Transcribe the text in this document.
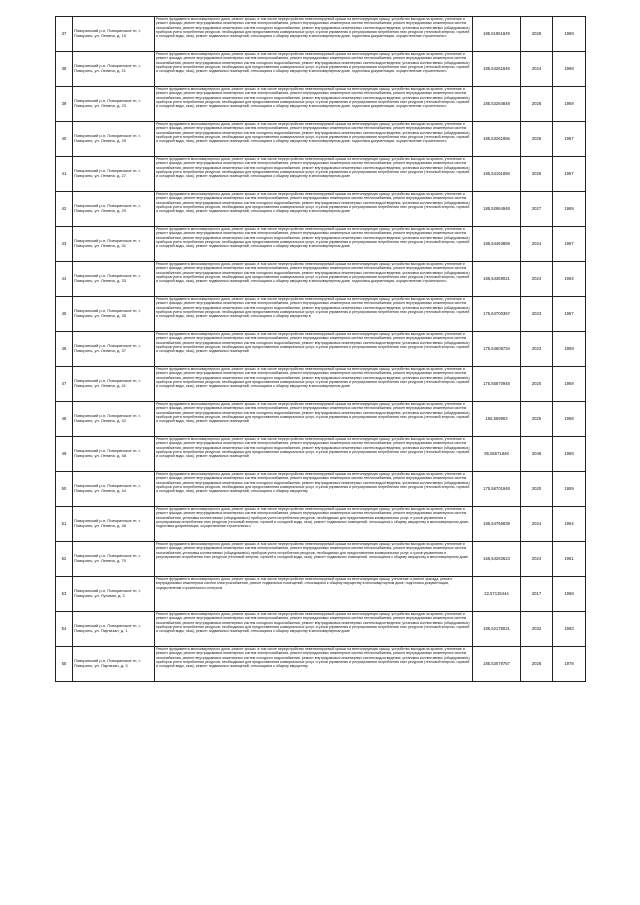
37	Поворинский р-н, Поворинское гп, г. Поворино, ул. Ленина, д. 19	Ремонт фундамента многоквартирного дома, ремонт крыши, в том числе переустройство невентилируемой крыши на вентилируемую крышу, устройство выходов на кровлю, утепление и ремонт фасада, ремонт внутридомовых инженерных систем электроснабжения, ремонт внутридомовых инженерных систем теплоснабжения, ремонт внутридомовых инженерных систем газоснабжения, ремонт внутридомовых инженерных систем холодного водоснабжения, ремонт внутридомовых инженерных систем водоотведения, установка коллективных (общедомовых) приборов учета потребления ресурсов, необходимых для предоставления коммунальных услуг, и узлов управления и регулирования потребления этих ресурсов (тепловой энергии, горячей и холодной воды, газа), ремонт подвальных помещений, относящихся к общему имуществу в многоквартирном доме, подготовка документации, осуществление строительного	185,51951849	2028	1969
38	Поворинский р-н, Поворинское гп, г. Поворино, ул. Ленина, д. 21	Ремонт фундамента многоквартирного дома, ремонт крыши, в том числе переустройство невентилируемой крыши на вентилируемую крышу, устройство выходов на кровлю, утепление и ремонт фасада, ремонт внутридомовых инженерных систем электроснабжения, ремонт внутридомовых инженерных систем теплоснабжения, ремонт внутридомовых инженерных систем газоснабжения, ремонт внутридомовых инженерных систем холодного водоснабжения, ремонт внутридомовых инженерных систем водоотведения, установка коллективных (общедомовых) приборов учета потребления ресурсов, необходимых для предоставления коммунальных услуг, и узлов управления и регулирования потребления этих ресурсов (тепловой энергии, горячей и холодной воды, газа), ремонт подвальных помещений, относящихся к общему имуществу в многоквартирном доме, подготовка документации, осуществление строительного	185,54261848	2024	1969
39	Поворинский р-н, Поворинское гп, г. Поворино, ул. Ленина, д. 23	Ремонт фундамента многоквартирного дома, ремонт крыши, в том числе переустройство невентилируемой крыши на вентилируемую крышу, устройство выходов на кровлю, утепление и ремонт фасада, ремонт внутридомовых инженерных систем электроснабжения, ремонт внутридомовых инженерных систем теплоснабжения, ремонт внутридомовых инженерных систем газоснабжения, ремонт внутридомовых инженерных систем холодного водоснабжения, ремонт внутридомовых инженерных систем водоотведения, установка коллективных (общедомовых) приборов учета потребления ресурсов, необходимых для предоставления коммунальных услуг, и узлов управления и регулирования потребления этих ресурсов (тепловой энергии, горячей и холодной воды, газа), ремонт подвальных помещений, относящихся к общему имуществу в многоквартирном доме, подготовка документации, осуществление строительного	185,53264848	2028	1969
40	Поворинский р-н, Поворинское гп, г. Поворино, ул. Ленина, д. 25	Ремонт фундамента многоквартирного дома, ремонт крыши, в том числе переустройство невентилируемой крыши на вентилируемую крышу, устройство выходов на кровлю, утепление и ремонт фасада, ремонт внутридомовых инженерных систем электроснабжения, ремонт внутридомовых инженерных систем теплоснабжения, ремонт внутридомовых инженерных систем газоснабжения, ремонт внутридомовых инженерных систем холодного водоснабжения, ремонт внутридомовых инженерных систем водоотведения, установка коллективных (общедомовых) приборов учета потребления ресурсов, необходимых для предоставления коммунальных услуг, и узлов управления и регулирования потребления этих ресурсов (тепловой энергии, горячей и холодной воды, газа), ремонт подвальных помещений, относящихся к общему имуществу в многоквартирном доме, подготовка документации, осуществление строительного	185,53261856	2028	1967
41	Поворинский р-н, Поворинское гп, г. Поворино, ул. Ленина, д. 27	Ремонт фундамента многоквартирного дома, ремонт крыши, в том числе переустройство невентилируемой крыши на вентилируемую крышу, устройство выходов на кровлю, утепление и ремонт фасада, ремонт внутридомовых инженерных систем электроснабжения, ремонт внутридомовых инженерных систем теплоснабжения, ремонт внутридомовых инженерных систем газоснабжения, ремонт внутридомовых инженерных систем холодного водоснабжения, ремонт внутридомовых инженерных систем водоотведения, установка коллективных (общедомовых) приборов учета потребления ресурсов, необходимых для предоставления коммунальных услуг, и узлов управления и регулирования потребления этих ресурсов (тепловой энергии, горячей и холодной воды, газа), ремонт подвальных помещений, относящихся к общему имуществу в многоквартирном доме	185,54191856	2026	1967
42	Поворинский р-н, Поворинское гп, г. Поворино, ул. Ленина, д. 29	Ремонт фундамента многоквартирного дома, ремонт крыши, в том числе переустройство невентилируемой крыши на вентилируемую крышу, устройство выходов на кровлю, утепление и ремонт фасада, ремонт внутридомовых инженерных систем электроснабжения, ремонт внутридомовых инженерных систем теплоснабжения, ремонт внутридомовых инженерных систем газоснабжения, ремонт внутридомовых инженерных систем холодного водоснабжения, ремонт внутридомовых инженерных систем водоотведения, установка коллективных (общедомовых) приборов учета потребления ресурсов, необходимых для предоставления коммунальных услуг, и узлов управления и регулирования потребления этих ресурсов (тепловой энергии, горячей и холодной воды, газа), ремонт подвальных помещений, относящихся к общему имуществу в многоквартирном доме	185,52964948	2027	1969
43	Поворинский р-н, Поворинское гп, г. Поворино, ул. Ленина, д. 31	Ремонт фундамента многоквартирного дома, ремонт крыши, в том числе переустройство невентилируемой крыши на вентилируемую крышу, устройство выходов на кровлю, утепление и ремонт фасада, ремонт внутридомовых инженерных систем электроснабжения, ремонт внутридомовых инженерных систем теплоснабжения, ремонт внутридомовых инженерных систем газоснабжения, ремонт внутридомовых инженерных систем холодного водоснабжения, ремонт внутридомовых инженерных систем водоотведения, установка коллективных (общедомовых) приборов учета потребления ресурсов, необходимых для предоставления коммунальных услуг, и узлов управления и регулирования потребления этих ресурсов (тепловой энергии, горячей и холодной воды, газа), ремонт подвальных помещений, относящихся к общему имуществу в многоквартирном доме	185,54463869	2024	1967
44	Поворинский р-н, Поворинское гп, г. Поворино, ул. Ленина, д. 33	Ремонт фундамента многоквартирного дома, ремонт крыши, в том числе переустройство невентилируемой крыши на вентилируемую крышу, устройство выходов на кровлю, утепление и ремонт фасада, ремонт внутридомовых инженерных систем электроснабжения, ремонт внутридомовых инженерных систем теплоснабжения, ремонт внутридомовых инженерных систем газоснабжения, ремонт внутридомовых инженерных систем холодного водоснабжения, ремонт внутридомовых инженерных систем водоотведения, установка коллективных (общедомовых) приборов учета потребления ресурсов, необходимых для предоставления коммунальных услуг, и узлов управления и регулирования потребления этих ресурсов (тепловой энергии, горячей и холодной воды, газа), ремонт подвальных помещений, относящихся к общему имуществу в многоквартирном доме, подготовка документации, осуществление строительного	185,54369021	2024	1964
45	Поворинский р-н, Поворинское гп, г. Поворино, ул. Ленина, д. 35	Ремонт фундамента многоквартирного дома, ремонт крыши, в том числе переустройство невентилируемой крыши на вентилируемую крышу, устройство выходов на кровлю, утепление и ремонт фасада, ремонт внутридомовых инженерных систем электроснабжения, ремонт внутридомовых инженерных систем теплоснабжения, ремонт внутридомовых инженерных систем газоснабжения, ремонт внутридомовых инженерных систем холодного водоснабжения, ремонт внутридомовых инженерных систем водоотведения, установка коллективных (общедомовых) приборов учета потребления ресурсов, необходимых для предоставления коммунальных услуг, и узлов управления и регулирования потребления этих ресурсов (тепловой энергии, горячей и холодной воды, газа), ремонт подвальных помещений, относящихся к общему имуществу в	175,64700367	2023	1967
46	Поворинский р-н, Поворинское гп, г. Поворино, ул. Ленина, д. 37	Ремонт фундамента многоквартирного дома, ремонт крыши, в том числе переустройство невентилируемой крыши на вентилируемую крышу, устройство выходов на кровлю, утепление и ремонт фасада, ремонт внутридомовых инженерных систем электроснабжения, ремонт внутридомовых инженерных систем теплоснабжения, ремонт внутридомовых инженерных систем газоснабжения, ремонт внутридомовых инженерных систем холодного водоснабжения, ремонт внутридомовых инженерных систем водоотведения, установка коллективных (общедомовых) приборов учета потребления ресурсов, необходимых для предоставления коммунальных услуг, и узлов управления и регулирования потребления этих ресурсов (тепловой энергии, горячей и холодной воды, газа), ремонт подвальных помещений	175,54608734	2023	1959
47	Поворинский р-н, Поворинское гп, г. Поворино, ул. Ленина, д. 41	Ремонт фундамента многоквартирного дома, ремонт крыши, в том числе переустройство невентилируемой крыши на вентилируемую крышу, устройство выходов на кровлю, утепление и ремонт фасада, ремонт внутридомовых инженерных систем электроснабжения, ремонт внутридомовых инженерных систем теплоснабжения, ремонт внутридомовых инженерных систем газоснабжения, ремонт внутридомовых инженерных систем холодного водоснабжения, ремонт внутридомовых инженерных систем водоотведения, установка коллективных (общедомовых) приборов учета потребления ресурсов, необходимых для предоставления коммунальных услуг, и узлов управления и регулирования потребления этих ресурсов (тепловой энергии, горячей и холодной воды, газа), ремонт подвальных помещений, относящихся к общему имуществу в многоквартирном доме	175,55670948	2020	1969
48	Поворинский р-н, Поворинское гп, г. Поворино, ул. Ленина, д. 42	Ремонт фундамента многоквартирного дома, ремонт крыши, в том числе переустройство невентилируемой крыши на вентилируемую крышу, устройство выходов на кровлю, утепление и ремонт фасада, ремонт внутридомовых инженерных систем электроснабжения, ремонт внутридомовых инженерных систем теплоснабжения, ремонт внутридомовых инженерных систем газоснабжения, ремонт внутридомовых инженерных систем холодного водоснабжения, ремонт внутридомовых инженерных систем водоотведения, установка коллективных (общедомовых) приборов учета потребления ресурсов, необходимых для предоставления коммунальных услуг, и узлов управления и регулирования потребления этих ресурсов (тепловой энергии, горячей и холодной воды, газа), ремонт подвальных помещений	155,559963	2025	1958
49	Поворинский р-н, Поворинское гп, г. Поворино, ул. Ленина, д. 48	Ремонт фундамента многоквартирного дома, ремонт крыши, в том числе переустройство невентилируемой крыши на вентилируемую крышу, устройство выходов на кровлю, утепление и ремонт фасада, ремонт внутридомовых инженерных систем электроснабжения, ремонт внутридомовых инженерных систем теплоснабжения, ремонт внутридомовых инженерных систем газоснабжения, ремонт внутридомовых инженерных систем холодного водоснабжения, ремонт внутридомовых инженерных систем водоотведения, установка коллективных (общедомовых) приборов учета потребления ресурсов, необходимых для предоставления коммунальных услуг, и узлов управления и регулирования потребления этих ресурсов (тепловой энергии, горячей и холодной воды, газа), ремонт подвальных помещений	95,55571848	2049	1969
50	Поворинский р-н, Поворинское гп, г. Поворино, ул. Ленина, д. 44	Ремонт фундамента многоквартирного дома, ремонт крыши, в том числе переустройство невентилируемой крыши на вентилируемую крышу, устройство выходов на кровлю, утепление и ремонт фасада, ремонт внутридомовых инженерных систем электроснабжения, ремонт внутридомовых инженерных систем теплоснабжения, ремонт внутридомовых инженерных систем газоснабжения, ремонт внутридомовых инженерных систем холодного водоснабжения, ремонт внутридомовых инженерных систем водоотведения, установка коллективных (общедомовых) приборов учета потребления ресурсов, необходимых для предоставления коммунальных услуг, и узлов управления и регулирования потребления этих ресурсов (тепловой энергии, горячей и холодной воды, газа), ремонт подвальных помещений, относящихся к общему имуществу	175,56701948	2020	1959
51	Поворинский р-н, Поворинское гп, г. Поворино, ул. Ленина, д. 48	Ремонт фундамента многоквартирного дома, ремонт крыши, в том числе переустройство невентилируемой крыши на вентилируемую крышу, устройство выходов на кровлю, утепление и ремонт фасада, ремонт внутридомовых инженерных систем электроснабжения, ремонт внутридомовых инженерных систем теплоснабжения, ремонт внутридомовых инженерных систем газоснабжения, установка коллективных (общедомовых) приборов учета потребления ресурсов, необходимых для предоставления коммунальных услуг, и узлов управления и регулирования потребления этих ресурсов (тепловой энергии, горячей и холодной воды, газа), ремонт подвальных помещений, относящихся к общему имуществу в многоквартирном доме, подготовка документации, осуществление строительного	185,54766839	2024	1964
52	Поворинский р-н, Поворинское гп, г. Поворино, ул. Ленина, д. 70	Ремонт фундамента многоквартирного дома, ремонт крыши, в том числе переустройство невентилируемой крыши на вентилируемую крышу, устройство выходов на кровлю, утепление и ремонт фасада, ремонт внутридомовых инженерных систем электроснабжения, ремонт внутридомовых инженерных систем теплоснабжения, ремонт внутридомовых инженерных систем газоснабжения, установка коллективных (общедомовых) приборов учета потребления ресурсов, необходимых для предоставления коммунальных услуг, и узлов управления и регулирования потребления этих ресурсов (тепловой энергии, горячей и холодной воды, газа), ремонт подвальных помещений, относящихся к общему имуществу в многоквартирном доме	155,54263623	2024	1961
53	Поворинский р-н, Поворинское гп, г. Поворино, ул. Луговая, д. 2	Ремонт фундамента многоквартирного дома, ремонт крыши, в том числе переустройство невентилируемой крыши на вентилируемую крышу, утепление и ремонт фасада, ремонт внутридомовых инженерных систем электроснабжения, ремонт подвальных помещений, относящихся к общему имуществу в многоквартирном доме, подготовка документации, осуществление строительного контроля	22,57125444	2017	1968
54	Поворинский р-н, Поворинское гп, г. Поворино, ул. Партизан, д. 1	Ремонт фундамента многоквартирного дома, ремонт крыши, в том числе переустройство невентилируемой крыши на вентилируемую крышу, устройство выходов на кровлю, утепление и ремонт фасада, ремонт внутридомовых инженерных систем электроснабжения, ремонт внутридомовых инженерных систем теплоснабжения, ремонт внутридомовых инженерных систем газоснабжения, ремонт внутридомовых инженерных систем холодного водоснабжения, ремонт внутридомовых инженерных систем водоотведения, установка коллективных (общедомовых) приборов учета потребления ресурсов, необходимых для предоставления коммунальных услуг, и узлов управления и регулирования потребления этих ресурсов (тепловой энергии, горячей и холодной воды, газа), ремонт подвальных помещений, относящихся к общему имуществу в многоквартирном доме	185,52178021	2032	1983
55	Поворинский р-н, Поворинское гп, г. Поворино, ул. Партизан, д. 3	Ремонт фундамента многоквартирного дома, ремонт крыши, в том числе переустройство невентилируемой крыши на вентилируемую крышу, устройство выходов на кровлю, утепление и ремонт фасада, ремонт внутридомовых инженерных систем электроснабжения, ремонт внутридомовых инженерных систем теплоснабжения, ремонт внутридомовых инженерных систем газоснабжения, ремонт внутридомовых инженерных систем холодного водоснабжения, ремонт внутридомовых инженерных систем водоотведения, установка коллективных (общедомовых) приборов учета потребления ресурсов, необходимых для предоставления коммунальных услуг, и узлов управления и регулирования потребления этих ресурсов (тепловой энергии, горячей и холодной воды, газа), ремонт подвальных помещений, относящихся к общему имуществу	185,53078757	2028	1978
